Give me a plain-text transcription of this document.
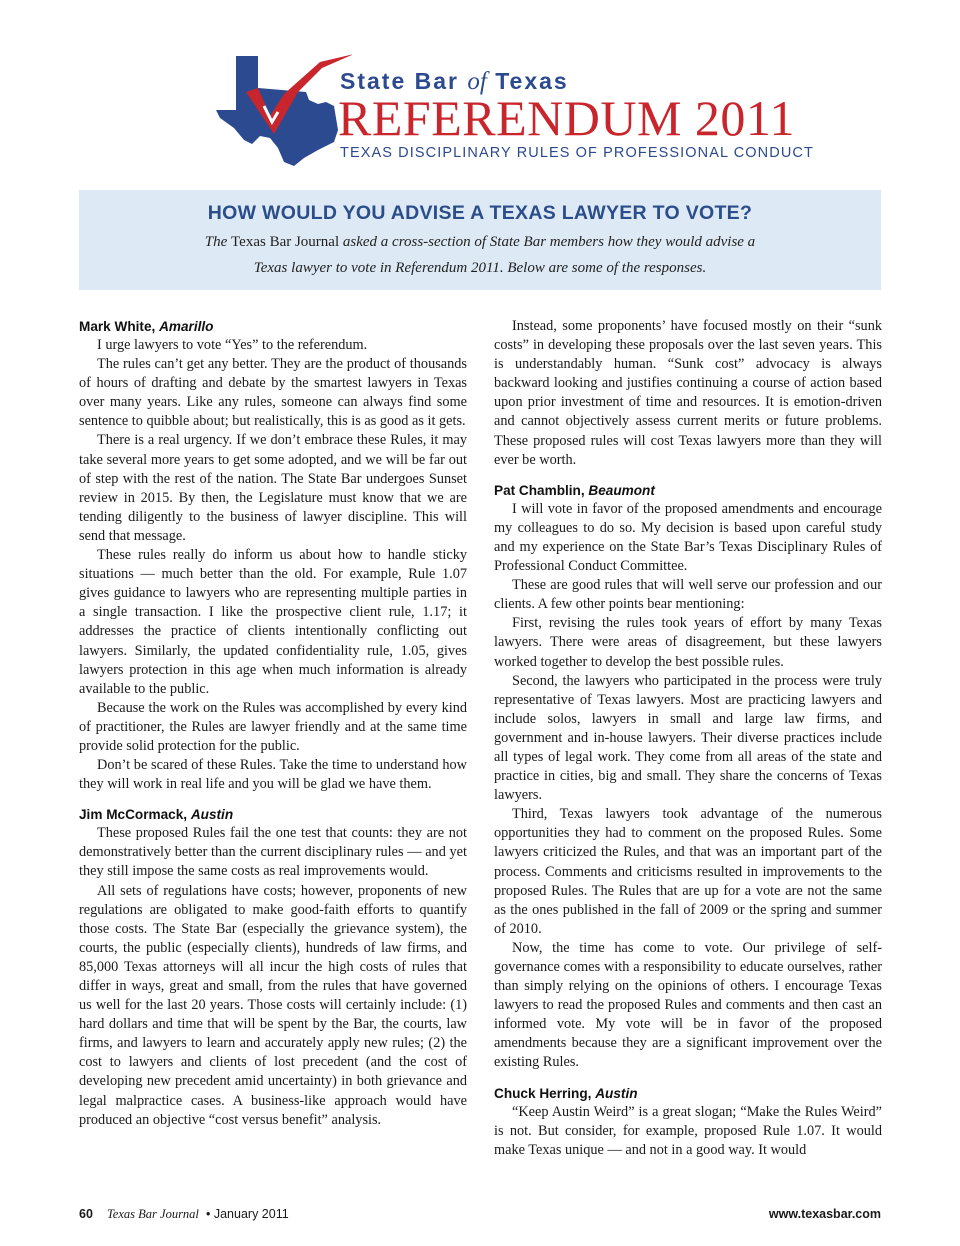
State Bar of Texas
REFERENDUM 2011
TEXAS DISCIPLINARY RULES OF PROFESSIONAL CONDUCT
HOW WOULD YOU ADVISE A TEXAS LAWYER TO VOTE?
The Texas Bar Journal asked a cross-section of State Bar members how they would advise a Texas lawyer to vote in Referendum 2011. Below are some of the responses.
Mark White, Amarillo

I urge lawyers to vote “Yes” to the referendum.

The rules can’t get any better. They are the product of thousands of hours of drafting and debate by the smartest lawyers in Texas over many years. Like any rules, someone can always find some sentence to quibble about; but realistically, this is as good as it gets.

There is a real urgency. If we don’t embrace these Rules, it may take several more years to get some adopted, and we will be far out of step with the rest of the nation. The State Bar undergoes Sunset review in 2015. By then, the Legislature must know that we are tending diligently to the business of lawyer discipline. This will send that message.

These rules really do inform us about how to handle sticky situations — much better than the old. For example, Rule 1.07 gives guidance to lawyers who are representing multiple parties in a single transaction. I like the prospective client rule, 1.17; it addresses the practice of clients intentionally conflicting out lawyers. Similarly, the updated confidentiality rule, 1.05, gives lawyers protection in this age when much information is already available to the public.

Because the work on the Rules was accomplished by every kind of practitioner, the Rules are lawyer friendly and at the same time provide solid protection for the public.

Don’t be scared of these Rules. Take the time to understand how they will work in real life and you will be glad we have them.

Jim McCormack, Austin

These proposed Rules fail the one test that counts: they are not demonstratively better than the current disciplinary rules — and yet they still impose the same costs as real improvements would.

All sets of regulations have costs; however, proponents of new regulations are obligated to make good-faith efforts to quantify those costs. The State Bar (especially the grievance system), the courts, the public (especially clients), hundreds of law firms, and 85,000 Texas attorneys will all incur the high costs of rules that differ in ways, great and small, from the rules that have governed us well for the last 20 years. Those costs will certainly include: (1) hard dollars and time that will be spent by the Bar, the courts, law firms, and lawyers to learn and accurately apply new rules; (2) the cost to lawyers and clients of lost precedent (and the cost of developing new precedent amid uncertainty) in both grievance and legal malpractice cases. A business-like approach would have produced an objective “cost versus benefit” analysis.

Instead, some proponents’ have focused mostly on their “sunk costs” in developing these proposals over the last seven years. This is understandably human. “Sunk cost” advocacy is always backward looking and justifies continuing a course of action based upon prior investment of time and resources. It is emotion-driven and cannot objectively assess current merits or future problems. These proposed rules will cost Texas lawyers more than they will ever be worth.

Pat Chamblin, Beaumont

I will vote in favor of the proposed amendments and encourage my colleagues to do so. My decision is based upon careful study and my experience on the State Bar’s Texas Disciplinary Rules of Professional Conduct Committee.

These are good rules that will well serve our profession and our clients. A few other points bear mentioning:

First, revising the rules took years of effort by many Texas lawyers. There were areas of disagreement, but these lawyers worked together to develop the best possible rules.

Second, the lawyers who participated in the process were truly representative of Texas lawyers. Most are practicing lawyers and include solos, lawyers in small and large law firms, and government and in-house lawyers. Their diverse practices include all types of legal work. They come from all areas of the state and practice in cities, big and small. They share the concerns of Texas lawyers.

Third, Texas lawyers took advantage of the numerous opportunities they had to comment on the proposed Rules. Some lawyers criticized the Rules, and that was an important part of the process. Comments and criticisms resulted in improvements to the proposed Rules. The Rules that are up for a vote are not the same as the ones published in the fall of 2009 or the spring and summer of 2010.

Now, the time has come to vote. Our privilege of self-governance comes with a responsibility to educate ourselves, rather than simply relying on the opinions of others. I encourage Texas lawyers to read the proposed Rules and comments and then cast an informed vote. My vote will be in favor of the proposed amendments because they are a significant improvement over the existing Rules.

Chuck Herring, Austin

“Keep Austin Weird” is a great slogan; “Make the Rules Weird” is not. But consider, for example, proposed Rule 1.07. It would make Texas unique — and not in a good way. It would

60 Texas Bar Journal • January 2011	www.texasbar.com
